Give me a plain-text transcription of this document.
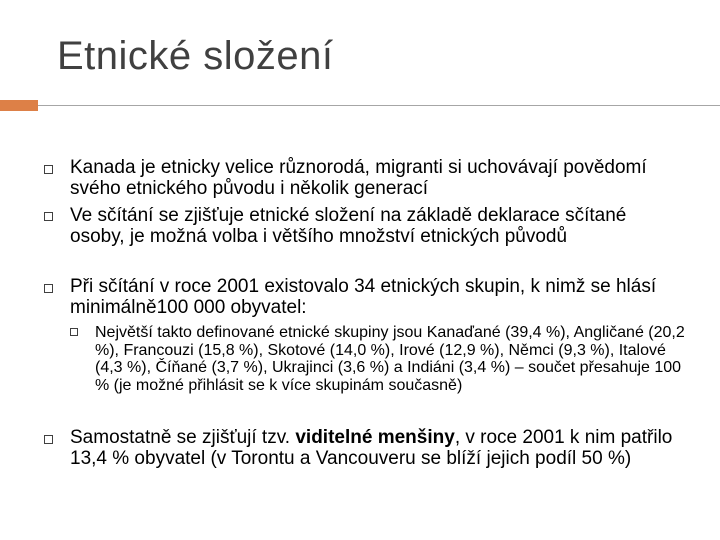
Etnické složení
Kanada je etnicky velice různorodá, migranti si uchovávají povědomí svého etnického původu i několik generací
Ve sčítání se zjišťuje etnické složení na základě deklarace sčítané osoby, je možná volba i většího množství etnických původů
Při sčítání v roce 2001 existovalo 34 etnických skupin, k nimž se hlásí minimálně100 000 obyvatel:
Největší takto definované etnické skupiny jsou Kanaďané (39,4 %), Angličané (20,2 %), Francouzi (15,8 %), Skotové (14,0 %), Irové (12,9 %), Němci (9,3 %), Italové (4,3 %), Číňané (3,7 %), Ukrajinci (3,6 %) a Indiáni (3,4 %) – součet přesahuje 100 % (je možné přihlásit se k více skupinám současně)
Samostatně se zjišťují tzv. viditelné menšiny, v roce 2001 k nim patřilo 13,4 % obyvatel (v Torontu a Vancouveru se blíží jejich podíl 50 %)
